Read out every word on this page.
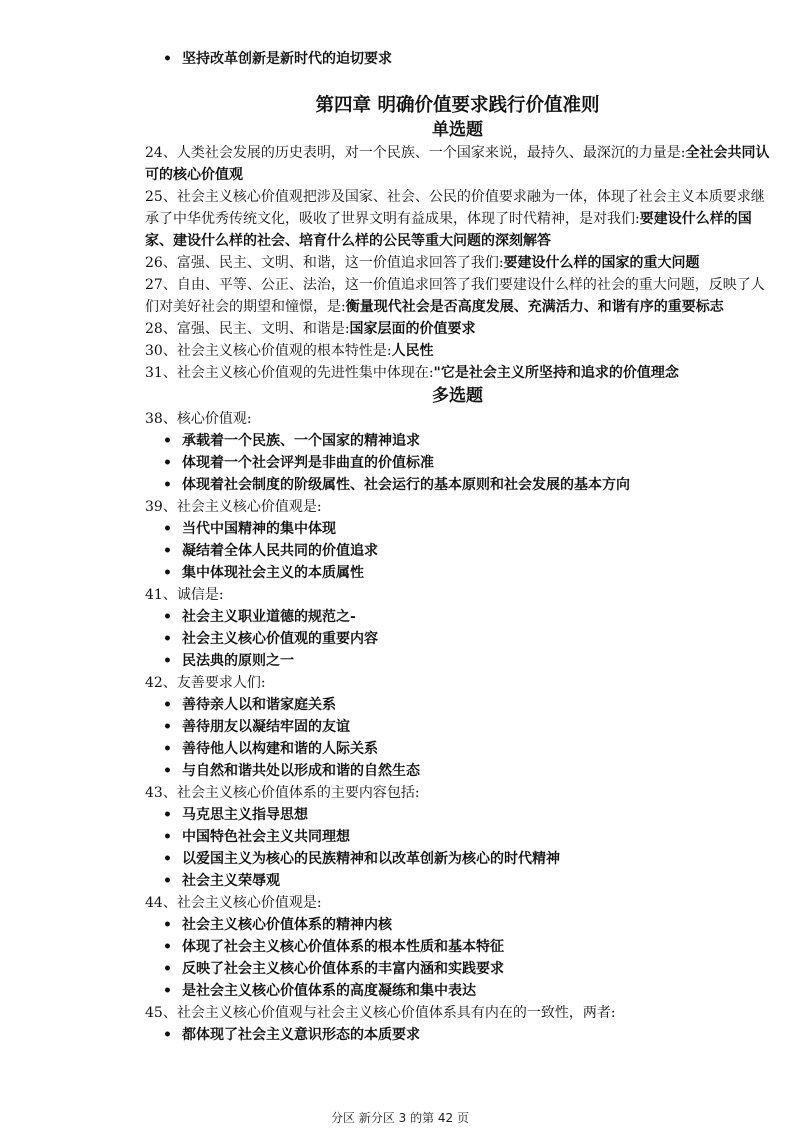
• 坚持改革创新是新时代的迫切要求
第四章 明确价值要求践行价值准则
单选题

24、人类社会发展的历史表明，对一个民族、一个国家来说，最持久、最深沉的力量是:全社会共同认可的核心价值观

25、社会主义核心价值观把涉及国家、社会、公民的价值要求融为一体，体现了社会主义本质要求继承了中华优秀传统文化，吸收了世界文明有益成果，体现了时代精神，是对我们:要建设什么样的国家、建设什么样的社会、培育什么样的公民等重大问题的深刻解答

26、富强、民主、文明、和谐，这一价值追求回答了我们:要建设什么样的国家的重大问题

27、自由、平等、公正、法治，这一价值追求回答了我们要建设什么样的社会的重大问题，反映了人们对美好社会的期望和憧憬，是:衡量现代社会是否高度发展、充满活力、和谐有序的重要标志

28、富强、民主、文明、和谐是:国家层面的价值要求

30、社会主义核心价值观的根本特性是:人民性

31、社会主义核心价值观的先进性集中体现在:"它是社会主义所坚持和追求的价值理念

多选题

38、核心价值观:

• 承载着一个民族、一个国家的精神追求
• 体现着一个社会评判是非曲直的价值标准
• 体现着社会制度的阶级属性、社会运行的基本原则和社会发展的基本方向

39、社会主义核心价值观是:

• 当代中国精神的集中体现
• 凝结着全体人民共同的价值追求
• 集中体现社会主义的本质属性

41、诚信是:

• 社会主义职业道德的规范之-
• 社会主义核心价值观的重要内容
• 民法典的原则之一

42、友善要求人们:

• 善待亲人以和谐家庭关系
• 善待朋友以凝结牢固的友谊
• 善待他人以构建和谐的人际关系
• 与自然和谐共处以形成和谐的自然生态

43、社会主义核心价值体系的主要内容包括:

• 马克思主义指导思想
• 中国特色社会主义共同理想
• 以爱国主义为核心的民族精神和以改革创新为核心的时代精神
• 社会主义荣辱观

44、社会主义核心价值观是:

• 社会主义核心价值体系的精神内核
• 体现了社会主义核心价值体系的根本性质和基本特征
• 反映了社会主义核心价值体系的丰富内涵和实践要求
• 是社会主义核心价值体系的高度凝练和集中表达

45、社会主义核心价值观与社会主义核心价值体系具有内在的一致性，两者:

• 都体现了社会主义意识形态的本质要求
分区 新分区 3 的第 42 页
